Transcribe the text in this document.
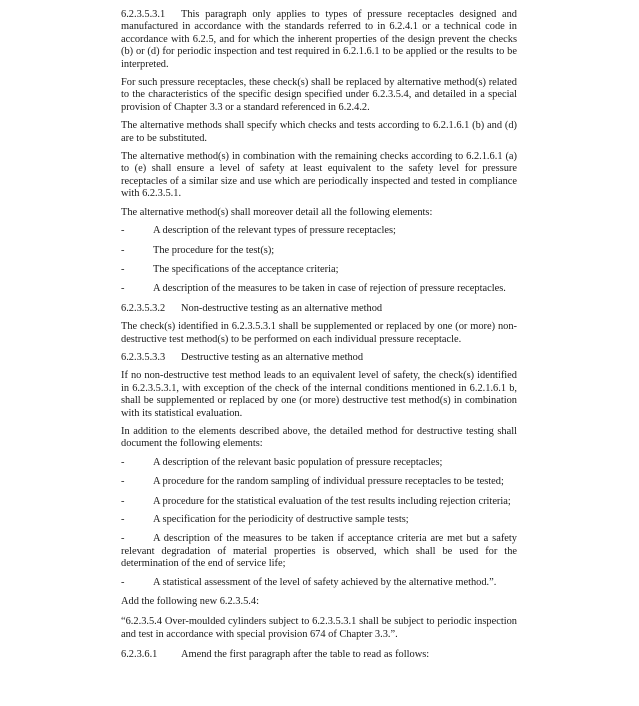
6.2.3.5.3.1 This paragraph only applies to types of pressure receptacles designed and manufactured in accordance with the standards referred to in 6.2.4.1 or a technical code in accordance with 6.2.5, and for which the inherent properties of the design prevent the checks (b) or (d) for periodic inspection and test required in 6.2.1.6.1 to be applied or the results to be interpreted.

For such pressure receptacles, these check(s) shall be replaced by alternative method(s) related to the characteristics of the specific design specified under 6.2.3.5.4, and detailed in a special provision of Chapter 3.3 or a standard referenced in 6.2.4.2.

The alternative methods shall specify which checks and tests according to 6.2.1.6.1 (b) and (d) are to be substituted.

The alternative method(s) in combination with the remaining checks according to 6.2.1.6.1 (a) to (e) shall ensure a level of safety at least equivalent to the safety level for pressure receptacles of a similar size and use which are periodically inspected and tested in compliance with 6.2.3.5.1.

The alternative method(s) shall moreover detail all the following elements:

-	A description of the relevant types of pressure receptacles;
-	The procedure for the test(s);
-	The specifications of the acceptance criteria;
-	A description of the measures to be taken in case of rejection of pressure receptacles.

6.2.3.5.3.2 Non-destructive testing as an alternative method

The check(s) identified in 6.2.3.5.3.1 shall be supplemented or replaced by one (or more) non-destructive test method(s) to be performed on each individual pressure receptacle.

6.2.3.5.3.3 Destructive testing as an alternative method

If no non-destructive test method leads to an equivalent level of safety, the check(s) identified in 6.2.3.5.3.1, with exception of the check of the internal conditions mentioned in 6.2.1.6.1 b, shall be supplemented or replaced by one (or more) destructive test method(s) in combination with its statistical evaluation.

In addition to the elements described above, the detailed method for destructive testing shall document the following elements:

-	A description of the relevant basic population of pressure receptacles;
-	A procedure for the random sampling of individual pressure receptacles to be tested;
-	A procedure for the statistical evaluation of the test results including rejection criteria;
-	A specification for the periodicity of destructive sample tests;
-	A description of the measures to be taken if acceptance criteria are met but a safety relevant degradation of material properties is observed, which shall be used for the determination of the end of service life;
-	A statistical assessment of the level of safety achieved by the alternative method.”.

Add the following new 6.2.3.5.4:

“6.2.3.5.4 Over-moulded cylinders subject to 6.2.3.5.3.1 shall be subject to periodic inspection and test in accordance with special provision 674 of Chapter 3.3.”.

6.2.3.6.1 Amend the first paragraph after the table to read as follows:
